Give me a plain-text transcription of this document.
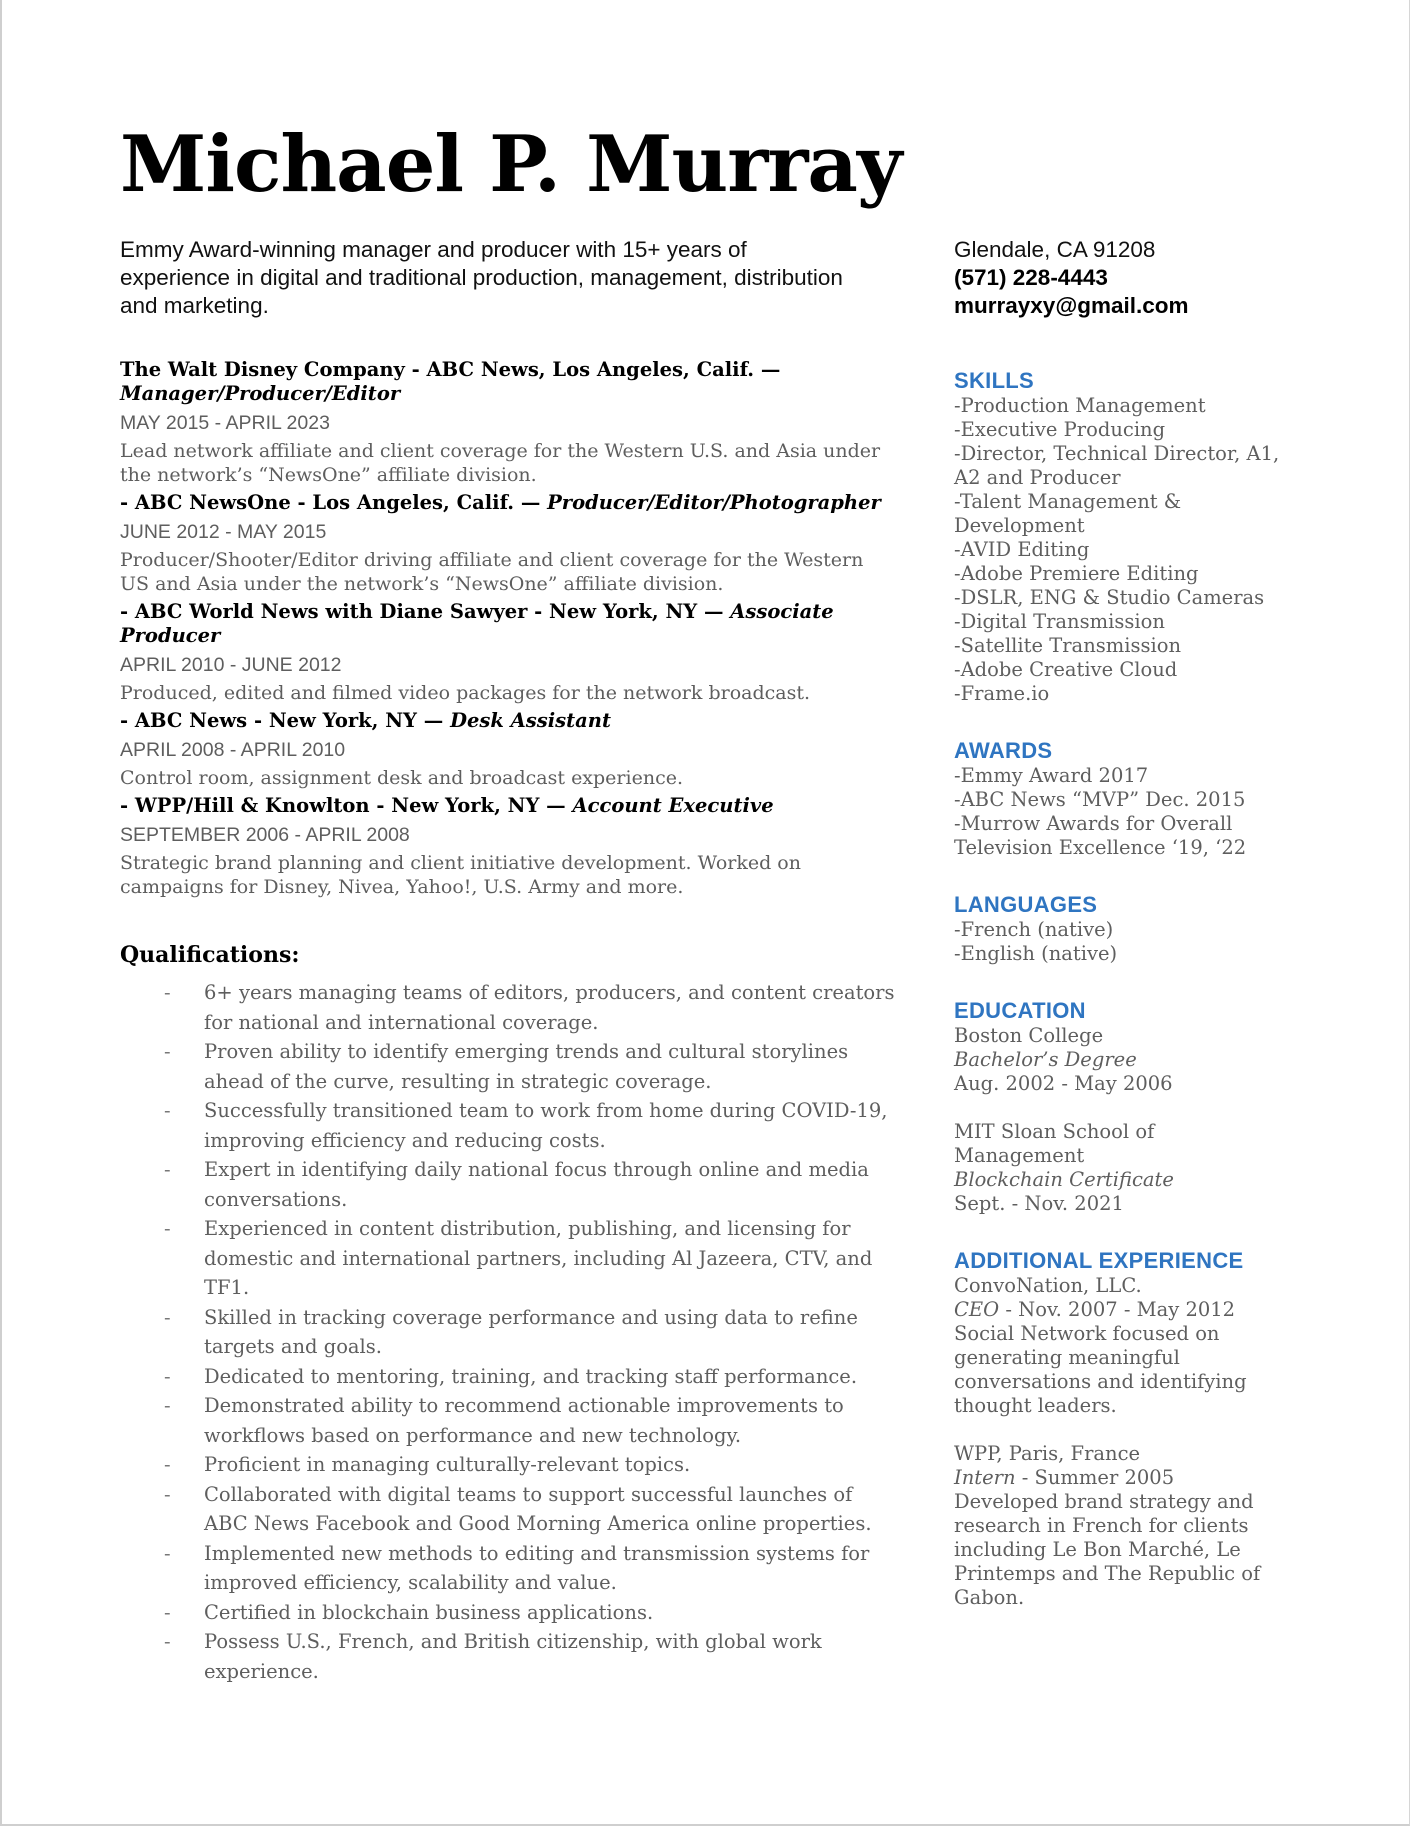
Michael P. Murray
Emmy Award-winning manager and producer with 15+ years of experience in digital and traditional production, management, distribution and marketing.
Glendale, CA 91208
(571) 228-4443
murrayxy@gmail.com
The Walt Disney Company - ABC News, Los Angeles, Calif. —
Manager/Producer/Editor
MAY 2015 - APRIL 2023
Lead network affiliate and client coverage for the Western U.S. and Asia under the network’s “NewsOne” affiliate division.
- ABC NewsOne - Los Angeles, Calif. — Producer/Editor/Photographer
JUNE 2012 - MAY 2015
Producer/Shooter/Editor driving affiliate and client coverage for the Western US and Asia under the network’s “NewsOne” affiliate division.
- ABC World News with Diane Sawyer - New York, NY — Associate Producer
APRIL 2010 - JUNE 2012
Produced, edited and filmed video packages for the network broadcast.
- ABC News - New York, NY — Desk Assistant
APRIL 2008 - APRIL 2010
Control room, assignment desk and broadcast experience.
- WPP/Hill & Knowlton - New York, NY — Account Executive
SEPTEMBER 2006 - APRIL 2008
Strategic brand planning and client initiative development. Worked on campaigns for Disney, Nivea, Yahoo!, U.S. Army and more.
Qualifications:
- 6+ years managing teams of editors, producers, and content creators for national and international coverage.
- Proven ability to identify emerging trends and cultural storylines ahead of the curve, resulting in strategic coverage.
- Successfully transitioned team to work from home during COVID-19, improving efficiency and reducing costs.
- Expert in identifying daily national focus through online and media conversations.
- Experienced in content distribution, publishing, and licensing for domestic and international partners, including Al Jazeera, CTV, and TF1.
- Skilled in tracking coverage performance and using data to refine targets and goals.
- Dedicated to mentoring, training, and tracking staff performance.
- Demonstrated ability to recommend actionable improvements to workflows based on performance and new technology.
- Proficient in managing culturally-relevant topics.
- Collaborated with digital teams to support successful launches of ABC News Facebook and Good Morning America online properties.
- Implemented new methods to editing and transmission systems for improved efficiency, scalability and value.
- Certified in blockchain business applications.
- Possess U.S., French, and British citizenship, with global work experience.
SKILLS
-Production Management
-Executive Producing
-Director, Technical Director, A1, A2 and Producer
-Talent Management & Development
-AVID Editing
-Adobe Premiere Editing
-DSLR, ENG & Studio Cameras
-Digital Transmission
-Satellite Transmission
-Adobe Creative Cloud
-Frame.io
AWARDS
-Emmy Award 2017
-ABC News “MVP” Dec. 2015
-Murrow Awards for Overall Television Excellence ‘19, ‘22
LANGUAGES
-French (native)
-English (native)
EDUCATION
Boston College
Bachelor’s Degree
Aug. 2002 - May 2006
MIT Sloan School of Management
Blockchain Certificate
Sept. - Nov. 2021
ADDITIONAL EXPERIENCE
ConvoNation, LLC.
CEO - Nov. 2007 - May 2012
Social Network focused on generating meaningful conversations and identifying thought leaders.
WPP, Paris, France
Intern - Summer 2005
Developed brand strategy and research in French for clients including Le Bon Marché, Le Printemps and The Republic of Gabon.
